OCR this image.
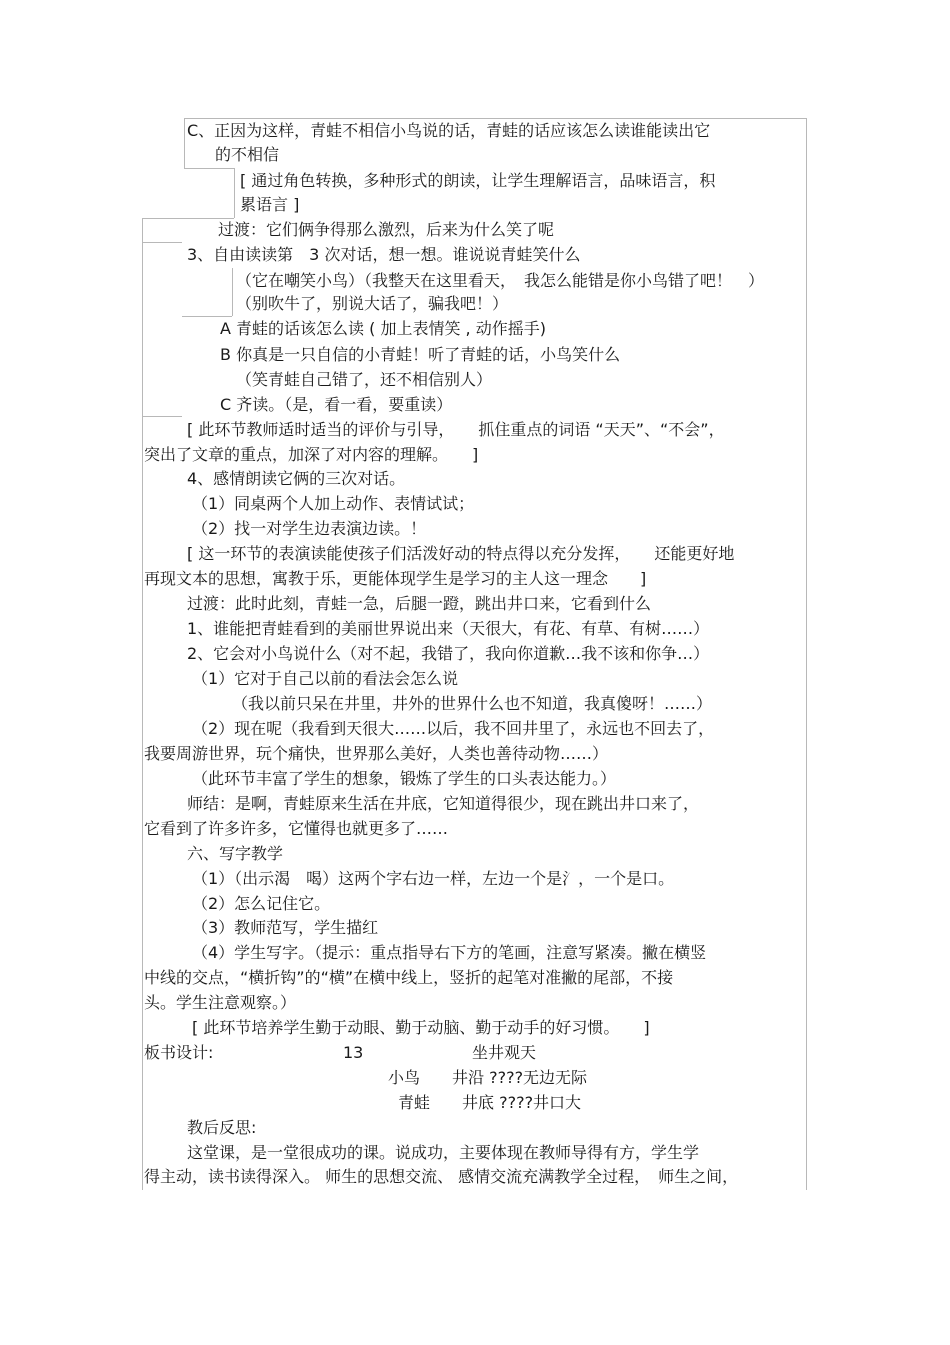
C、正因为这样，青蛙不相信小鸟说的话，青蛙的话应该怎么读谁能读出它
的不相信
[ 通过角色转换，多种形式的朗读，让学生理解语言，品味语言，积
累语言 ]
过渡：它们俩争得那么激烈，后来为什么笑了呢
3、自由读读第　3 次对话，想一想。谁说说青蛙笑什么
（它在嘲笑小鸟）（我整天在这里看天，　我怎么能错是你小鸟错了吧！　）
（别吹牛了，别说大话了，骗我吧！）
A 青蛙的话该怎么读 ( 加上表情笑 , 动作摇手)
B 你真是一只自信的小青蛙！听了青蛙的话，小鸟笑什么
（笑青蛙自己错了，还不相信别人）
C 齐读。（是，看一看，要重读）
[ 此环节教师适时适当的评价与引导，　　抓住重点的词语 “天天”、“不会”，
突出了文章的重点，加深了对内容的理解。　　]
4、感情朗读它俩的三次对话。
（1）同桌两个人加上动作、表情试试；
（2）找一对学生边表演边读。！
[ 这一环节的表演读能使孩子们活泼好动的特点得以充分发挥，　　还能更好地
再现文本的思想，寓教于乐，更能体现学生是学习的主人这一理念　　]
过渡：此时此刻，青蛙一急，后腿一蹬，跳出井口来，它看到什么
1、谁能把青蛙看到的美丽世界说出来（天很大，有花、有草、有树……）
2、它会对小鸟说什么（对不起，我错了，我向你道歉…我不该和你争…）
（1）它对于自己以前的看法会怎么说
（我以前只呆在井里，井外的世界什么也不知道，我真傻呀！……）
（2）现在呢（我看到天很大……以后，我不回井里了，永远也不回去了，
我要周游世界，玩个痛快，世界那么美好，人类也善待动物……）
（此环节丰富了学生的想象，锻炼了学生的口头表达能力。）
师结：是啊，青蛙原来生活在井底，它知道得很少，现在跳出井口来了，
它看到了许多许多，它懂得也就更多了……
六、写字教学
（1）（出示渴　喝）这两个字右边一样，左边一个是氵，一个是口。
（2）怎么记住它。
（3）教师范写，学生描红
（4）学生写字。（提示：重点指导右下方的笔画，注意写紧凑。撇在横竖
中线的交点，“横折钩”的“横”在横中线上，竖折的起笔对准撇的尾部，不接
头。学生注意观察。）
[ 此环节培养学生勤于动眼、勤于动脑、勤于动手的好习惯。　　]
板书设计:	13	坐井观天
小鸟　　井沿 ????无边无际
青蛙　　井底 ????井口大
教后反思:
这堂课，是一堂很成功的课。说成功，主要体现在教师导得有方，学生学
得主动，读书读得深入。 师生的思想交流、 感情交流充满教学全过程，　师生之间，
